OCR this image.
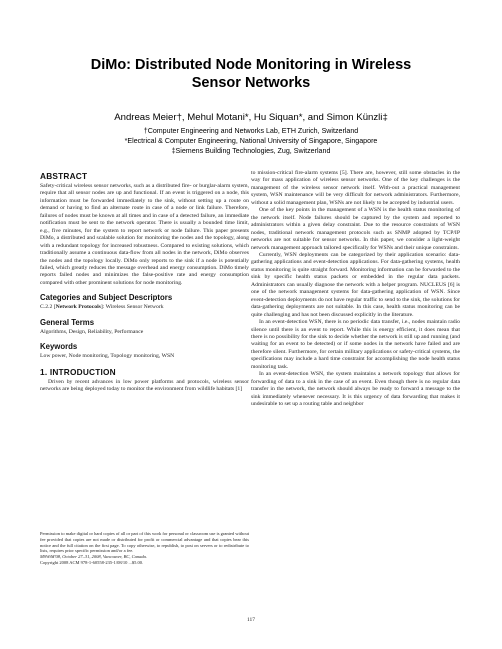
DiMo: Distributed Node Monitoring in Wireless
Sensor Networks
Andreas Meier†, Mehul Motani*, Hu Siquan*, and Simon Künzli‡
†Computer Engineering and Networks Lab, ETH Zurich, Switzerland
*Electrical & Computer Engineering, National University of Singapore, Singapore
‡Siemens Building Technologies, Zug, Switzerland
ABSTRACT

Safety-critical wireless sensor networks, such as a distributed fire- or burglar-alarm system, require that all sensor nodes are up and functional. If an event is triggered on a node, this information must be forwarded immediately to the sink, without setting up a route on demand or having to find an alternate route in case of a node or link failure. Therefore, failures of nodes must be known at all times and in case of a detected failure, an immediate notification must be sent to the network operator. There is usually a bounded time limit, e.g., five minutes, for the system to report network or node failure. This paper presents DiMo, a distributed and scalable solution for monitoring the nodes and the topology, along with a redundant topology for increased robustness. Compared to existing solutions, which traditionally assume a continuous data-flow from all nodes in the network, DiMo observes the nodes and the topology locally. DiMo only reports to the sink if a node is potentially failed, which greatly reduces the message overhead and energy consumption. DiMo timely reports failed nodes and minimizes the false-positive rate and energy consumption compared with other prominent solutions for node monitoring.

Categories and Subject Descriptors

C.2.2 [Network Protocols]: Wireless Sensor Network

General Terms

Algorithms, Design, Reliability, Performance

Keywords

Low power, Node monitoring, Topology monitoring, WSN

1. INTRODUCTION

Driven by recent advances in low power platforms and protocols, wireless sensor networks are being deployed today to monitor the environment from wildlife habitats [1]

Permission to make digital or hard copies of all or part of this work for personal or classroom use is granted without fee provided that copies are not made or distributed for profit or commercial advantage and that copies bear this notice and the full citation on the first page. To copy otherwise, to republish, to post on servers or to redistribute to lists, requires prior specific permission and/or a fee.

MSWiM'08, October 27–31, 2008, Vancouver, BC, Canada.

Copyright 2008 ACM 978-1-60558-235-1/08/10 ...$5.00.

to mission-critical fire-alarm systems [5]. There are, however, still some obstacles in the way for mass application of wireless sensor networks. One of the key challenges is the management of the wireless sensor network itself. With-out a practical management system, WSN maintenance will be very difficult for network administrators. Furthermore, without a solid management plan, WSNs are not likely to be accepted by industrial users.

One of the key points in the management of a WSN is the health status monitoring of the network itself. Node failures should be captured by the system and reported to administrators within a given delay constraint. Due to the resource constraints of WSN nodes, traditional network management protocols such as SNMP adopted by TCP/IP networks are not suitable for sensor networks. In this paper, we consider a light-weight network management approach tailored specifically for WSNs and their unique constraints.

Currently, WSN deployments can be categorized by their application scenario: data-gathering applications and event-detection applications. For data-gathering systems, health status monitoring is quite straight forward. Monitoring information can be forwarded to the sink by specific health status packets or embedded in the regular data packets. Administrators can usually diagnose the network with a helper program. NUCLEUS [6] is one of the network management systems for data-gathering application of WSN. Since event-detection deployments do not have regular traffic to send to the sink, the solutions for data-gathering deployments are not suitable. In this case, health status monitoring can be quite challenging and has not been discussed explicitly in the literature.

In an event-detection WSN, there is no periodic data transfer, i.e., nodes maintain radio silence until there is an event to report. While this is energy efficient, it does mean that there is no possibility for the sink to decide whether the network is still up and running (and waiting for an event to be detected) or if some nodes in the network have failed and are therefore silent. Furthermore, for certain military applications or safety-critical systems, the specifications may include a hard time constraint for accomplishing the node health status monitoring task.

In an event-detection WSN, the system maintains a network topology that allows for forwarding of data to a sink in the case of an event. Even though there is no regular data transfer in the network, the network should always be ready to forward a message to the sink immediately whenever necessary. It is this urgency of data forwarding that makes it undesirable to set up a routing table and neighbor

117
